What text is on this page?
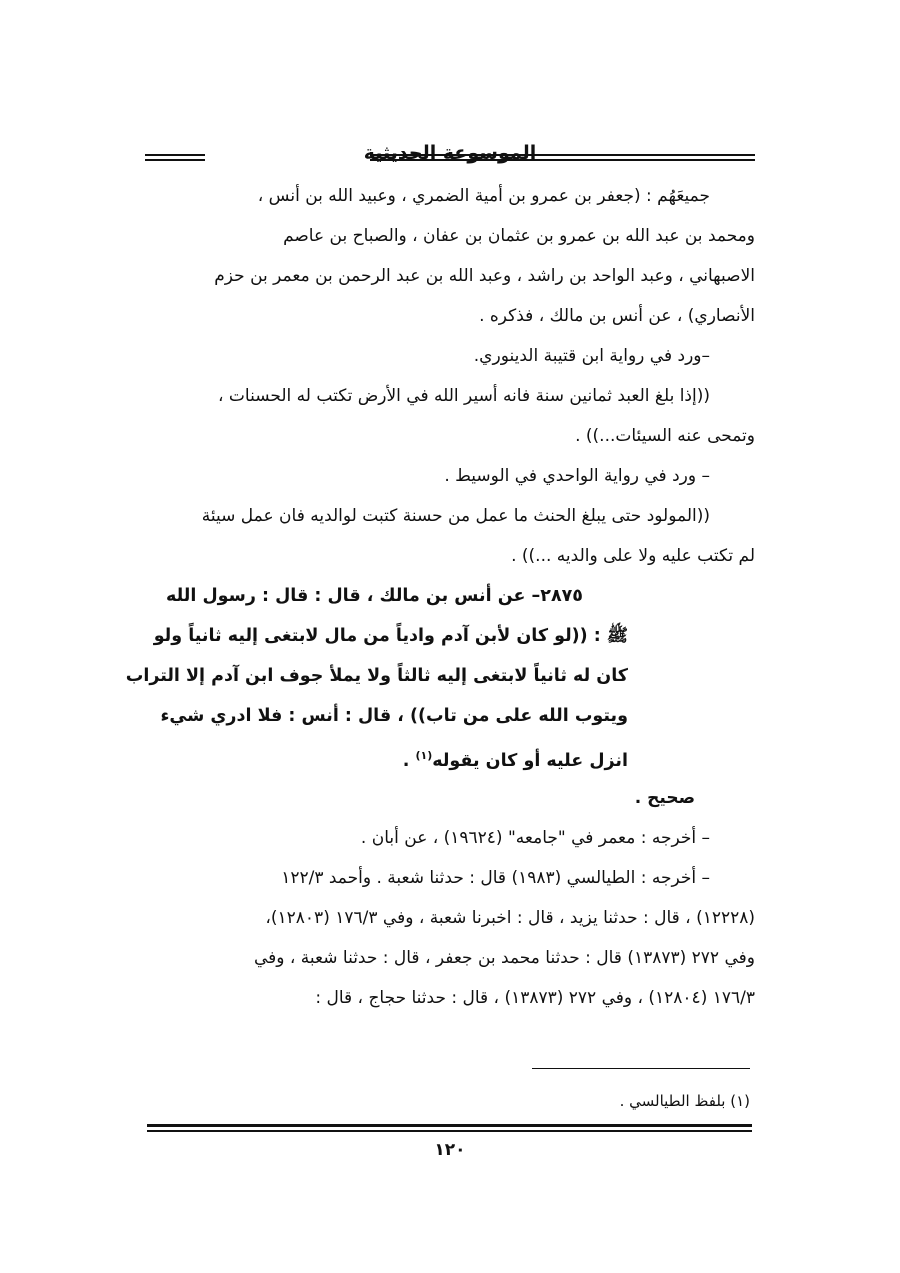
الموسوعة الحديثية
جميعَهُم : (جعفر بن عمرو بن أمية الضمري ، وعبيد الله بن أنس ،
ومحمد بن عبد الله بن عمرو بن عثمان بن عفان ، والصباح بن عاصم
الاصبهاني ، وعبد الواحد بن راشد ، وعبد الله بن عبد الرحمن بن معمر بن حزم
الأنصاري) ، عن أنس بن مالك ، فذكره .
–ورد في رواية ابن قتيبة الدينوري.
((إذا بلغ العبد ثمانين سنة فانه أسير الله في الأرض تكتب له الحسنات ،
وتمحى عنه السيئات...)) .
– ورد في رواية الواحدي في الوسيط .
((المولود حتى يبلغ الحنث ما عمل من حسنة كتبت لوالديه فان عمل سيئة
لم تكتب عليه ولا على والديه ...)) .
٢٨٧٥– عن أنس بن مالك ، قال : قال : رسول الله
ﷺ : ((لو كان لأبن آدم وادياً من مال لابتغى إليه ثانياً ولو
كان له ثانياً لابتغى إليه ثالثاً ولا يملأ جوف ابن آدم إلا التراب
ويتوب الله على من تاب)) ، قال : أنس : فلا ادري شيء
انزل عليه أو كان يقوله$^{(١)}$ .
صحيح .
– أخرجه : معمر في "جامعه" (١٩٦٢٤) ، عن أبان .
– أخرجه : الطيالسي (١٩٨٣) قال : حدثنا شعبة . وأحمد ١٢٢/٣
(١٢٢٢٨) ، قال : حدثنا يزيد ، قال : اخبرنا شعبة ، وفي ١٧٦/٣ (١٢٨٠٣)،
وفي ٢٧٢ (١٣٨٧٣) قال : حدثنا محمد بن جعفر ، قال : حدثنا شعبة ، وفي
١٧٦/٣ (١٢٨٠٤) ، وفي ٢٧٢ (١٣٨٧٣) ، قال : حدثنا حجاج ، قال :
(١) بلفظ الطيالسي .
١٢٠
